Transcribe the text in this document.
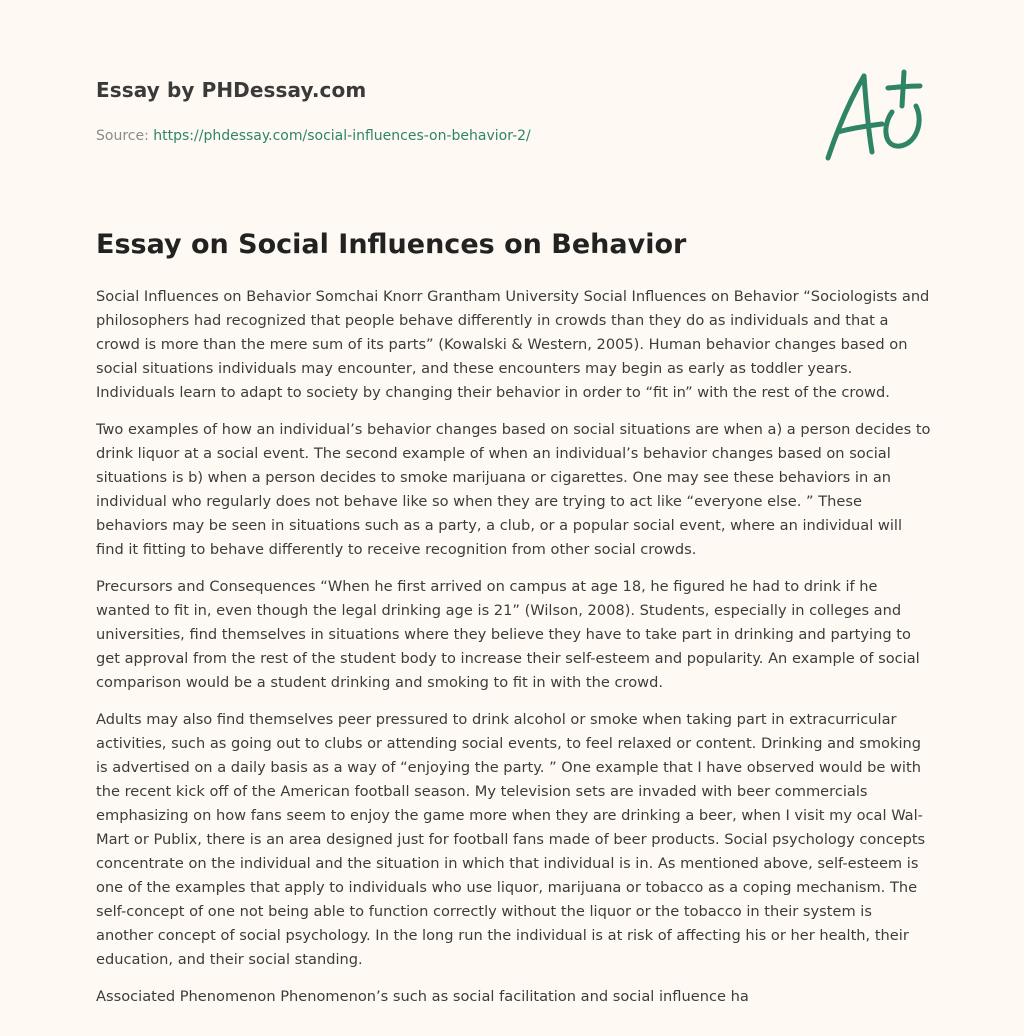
Essay by PHDessay.com
Source: https://phdessay.com/social-influences-on-behavior-2/
Essay on Social Influences on Behavior

Social Influences on Behavior Somchai Knorr Grantham University Social Influences on Behavior “Sociologists and philosophers had recognized that people behave differently in crowds than they do as individuals and that a crowd is more than the mere sum of its parts” (Kowalski & Western, 2005). Human behavior changes based on social situations individuals may encounter, and these encounters may begin as early as toddler years. Individuals learn to adapt to society by changing their behavior in order to “fit in” with the rest of the crowd.

Two examples of how an individual’s behavior changes based on social situations are when a) a person decides to drink liquor at a social event. The second example of when an individual’s behavior changes based on social situations is b) when a person decides to smoke marijuana or cigarettes. One may see these behaviors in an individual who regularly does not behave like so when they are trying to act like “everyone else. ” These behaviors may be seen in situations such as a party, a club, or a popular social event, where an individual will find it fitting to behave differently to receive recognition from other social crowds.

Precursors and Consequences “When he first arrived on campus at age 18, he figured he had to drink if he wanted to fit in, even though the legal drinking age is 21” (Wilson, 2008). Students, especially in colleges and universities, find themselves in situations where they believe they have to take part in drinking and partying to get approval from the rest of the student body to increase their self-esteem and popularity. An example of social comparison would be a student drinking and smoking to fit in with the crowd.

Adults may also find themselves peer pressured to drink alcohol or smoke when taking part in extracurricular activities, such as going out to clubs or attending social events, to feel relaxed or content. Drinking and smoking is advertised on a daily basis as a way of “enjoying the party. ” One example that I have observed would be with the recent kick off of the American football season. My television sets are invaded with beer commercials emphasizing on how fans seem to enjoy the game more when they are drinking a beer, when I visit my ocal Wal-Mart or Publix, there is an area designed just for football fans made of beer products. Social psychology concepts concentrate on the individual and the situation in which that individual is in. As mentioned above, self-esteem is one of the examples that apply to individuals who use liquor, marijuana or tobacco as a coping mechanism. The self-concept of one not being able to function correctly without the liquor or the tobacco in their system is another concept of social psychology. In the long run the individual is at risk of affecting his or her health, their education, and their social standing.

Associated Phenomenon Phenomenon’s such as social facilitation and social influence ha
